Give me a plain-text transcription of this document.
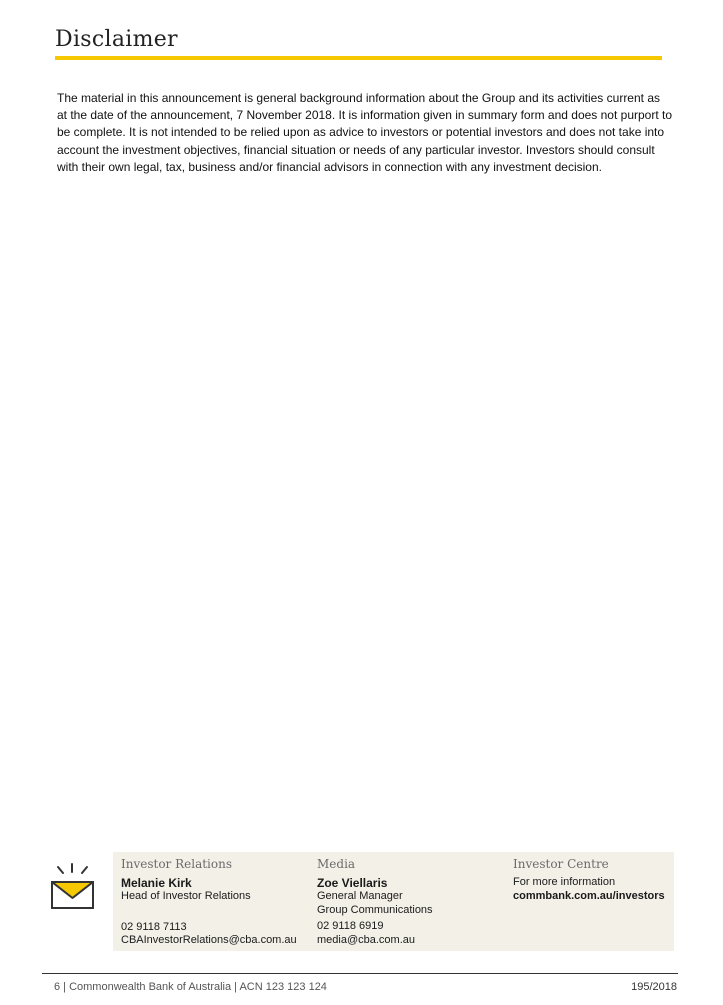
Disclaimer
The material in this announcement is general background information about the Group and its activities current as at the date of the announcement, 7 November 2018. It is information given in summary form and does not purport to be complete. It is not intended to be relied upon as advice to investors or potential investors and does not take into account the investment objectives, financial situation or needs of any particular investor. Investors should consult with their own legal, tax, business and/or financial advisors in connection with any investment decision.
Investor Relations
Melanie Kirk
Head of Investor Relations
02 9118 7113
CBAInvestorRelations@cba.com.au
Media
Zoe Viellaris
General Manager
Group Communications
02 9118 6919
media@cba.com.au
Investor Centre
For more information
commbank.com.au/investors
6 | Commonwealth Bank of Australia | ACN 123 123 124	195/2018
